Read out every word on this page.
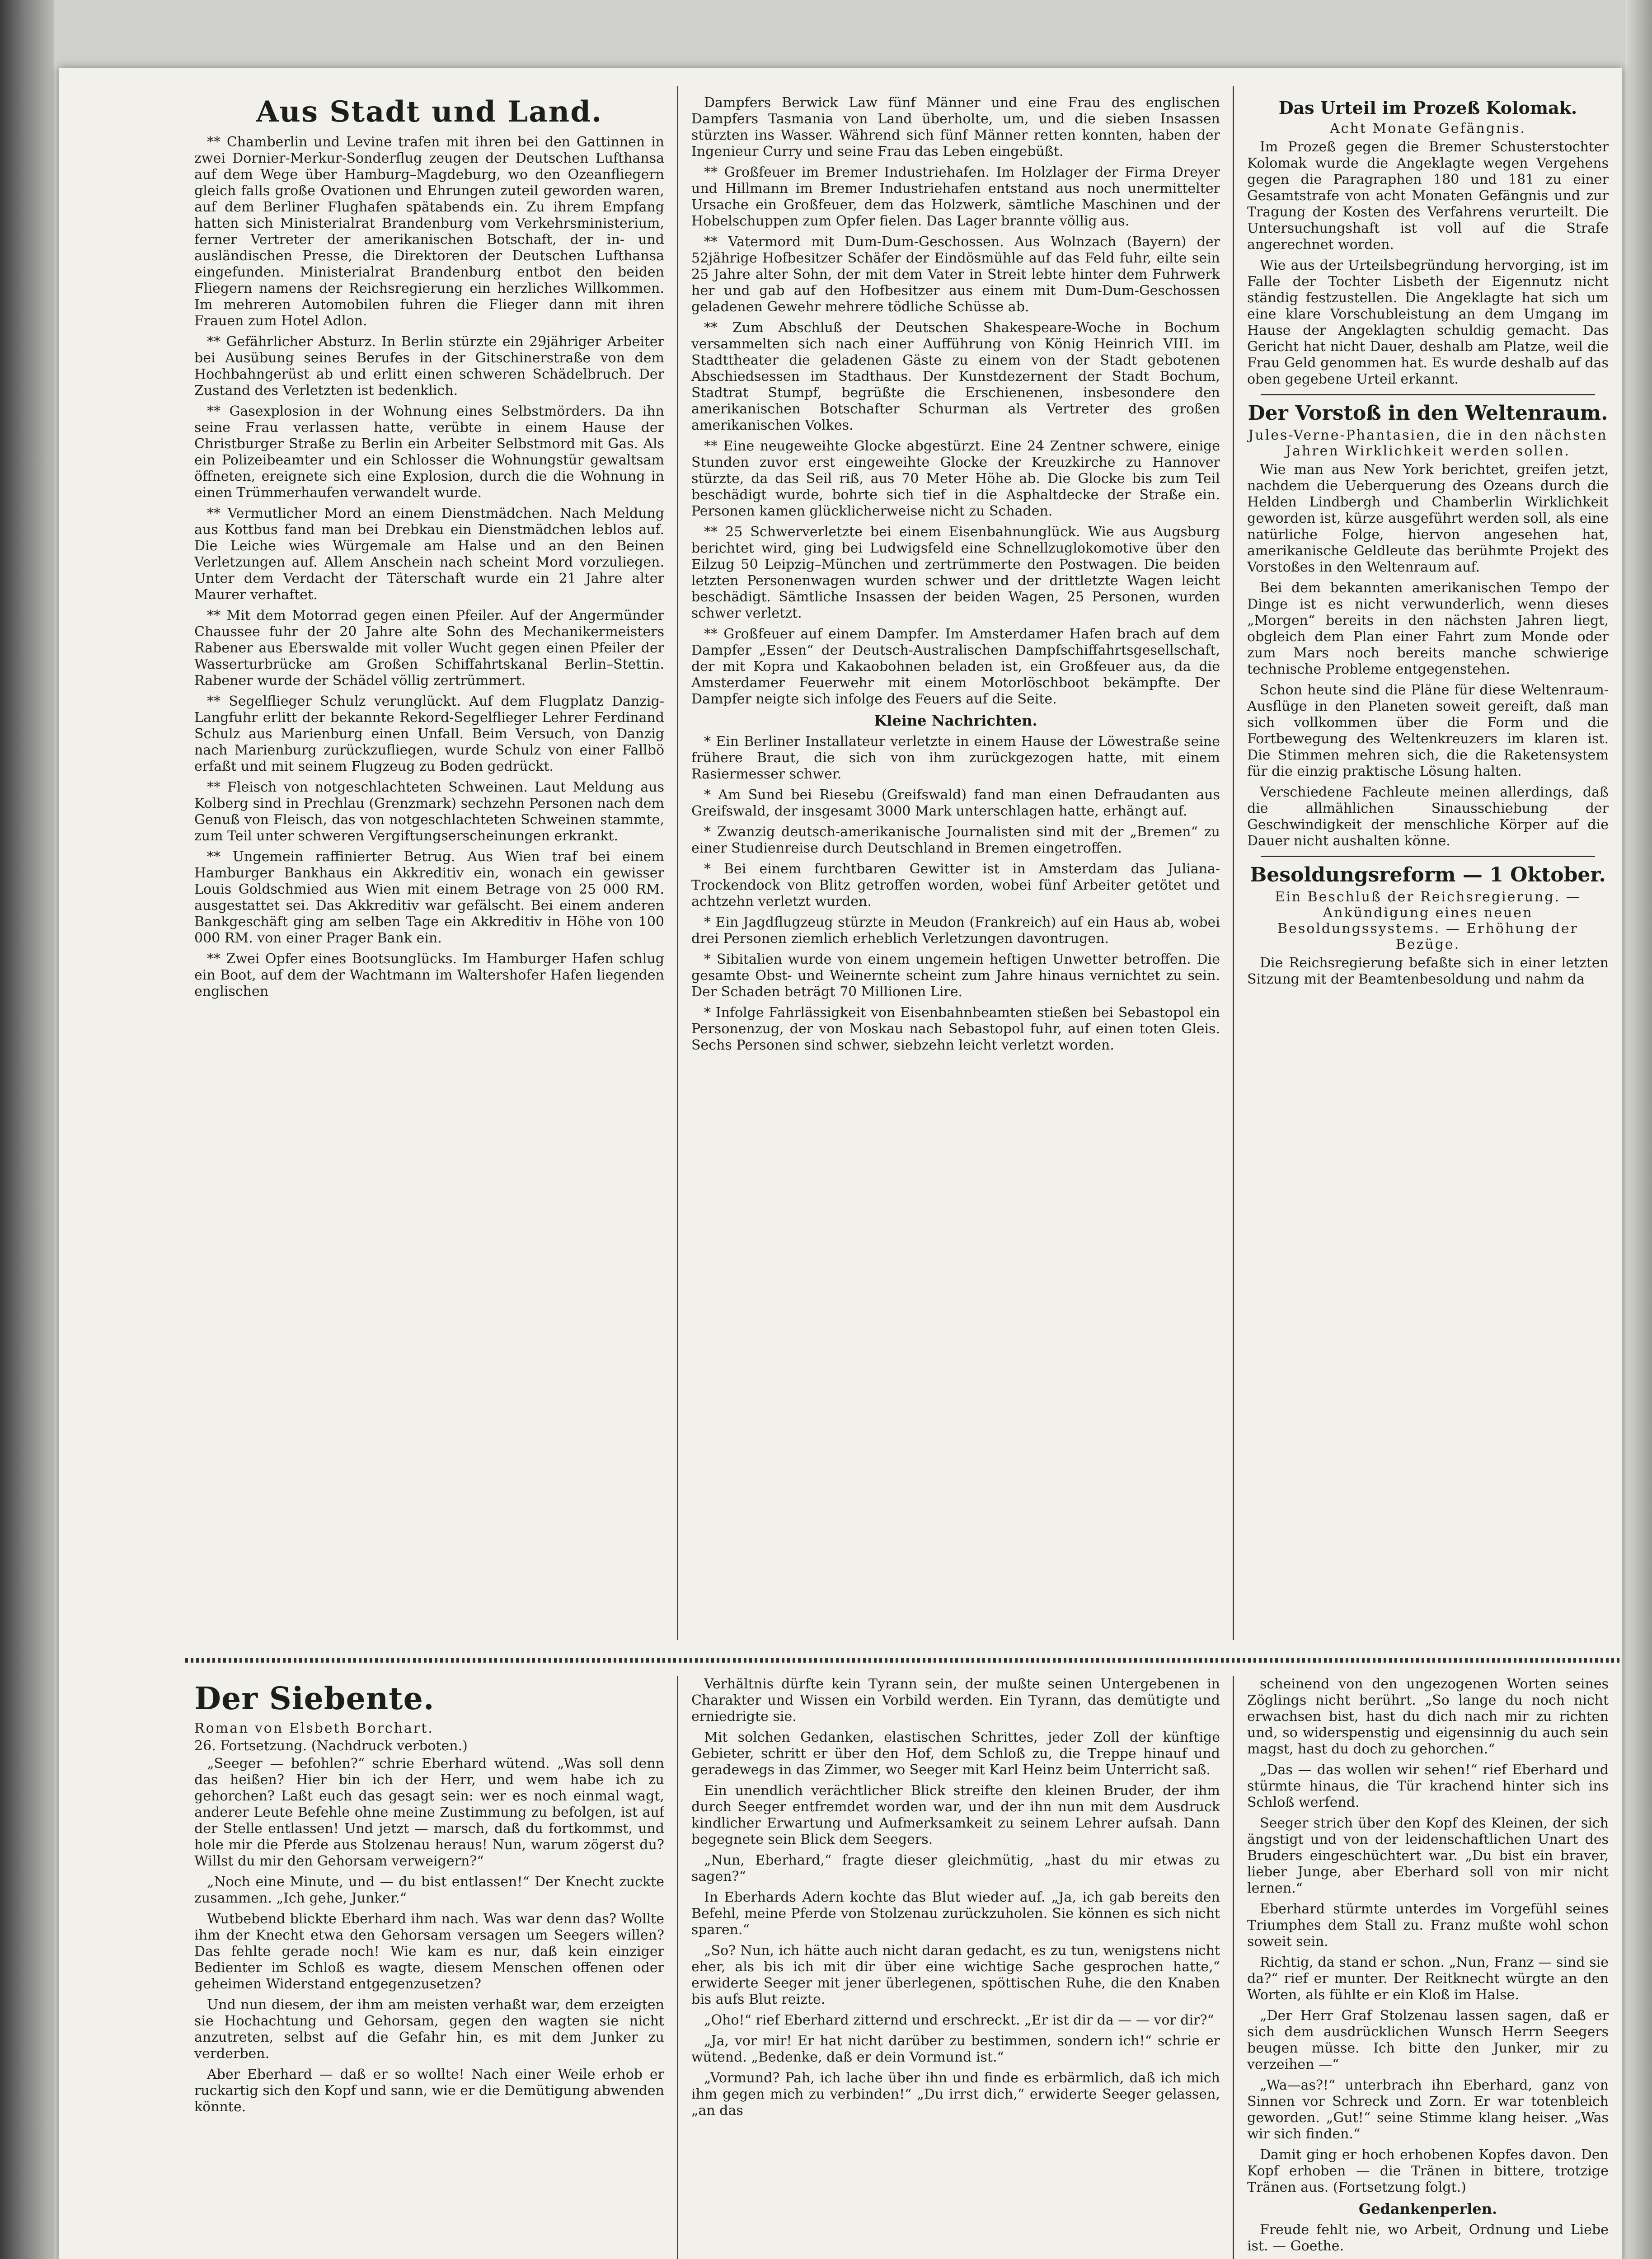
Aus Stadt und Land.

** Chamberlin und Levine trafen mit ihren bei den Gattinnen in zwei Dornier-Merkur-Sonderflug zeugen der Deutschen Lufthansa auf dem Wege über Hamburg–Magdeburg, wo den Ozeanfliegern gleich falls große Ovationen und Ehrungen zuteil geworden waren, auf dem Berliner Flughafen spätabends ein. Zu ihrem Empfang hatten sich Ministerialrat Brandenburg vom Verkehrsministerium, ferner Vertreter der amerikanischen Botschaft, der in- und ausländischen Presse, die Direktoren der Deutschen Lufthansa eingefunden. Ministerialrat Brandenburg entbot den beiden Fliegern namens der Reichsregierung ein herzliches Willkommen. Im mehreren Automobilen fuhren die Flieger dann mit ihren Frauen zum Hotel Adlon.

** Gefährlicher Absturz. In Berlin stürzte ein 29jähriger Arbeiter bei Ausübung seines Berufes in der Gitschinerstraße von dem Hochbahngerüst ab und erlitt einen schweren Schädelbruch. Der Zustand des Verletzten ist bedenklich.

** Gasexplosion in der Wohnung eines Selbstmörders. Da ihn seine Frau verlassen hatte, verübte in einem Hause der Christburger Straße zu Berlin ein Arbeiter Selbstmord mit Gas. Als ein Polizeibeamter und ein Schlosser die Wohnungstür gewaltsam öffneten, ereignete sich eine Explosion, durch die die Wohnung in einen Trümmerhaufen verwandelt wurde.

** Vermutlicher Mord an einem Dienstmädchen. Nach Meldung aus Kottbus fand man bei Drebkau ein Dienstmädchen leblos auf. Die Leiche wies Würgemale am Halse und an den Beinen Verletzungen auf. Allem Anschein nach scheint Mord vorzuliegen. Unter dem Verdacht der Täterschaft wurde ein 21 Jahre alter Maurer verhaftet.

** Mit dem Motorrad gegen einen Pfeiler. Auf der Angermünder Chaussee fuhr der 20 Jahre alte Sohn des Mechanikermeisters Rabener aus Eberswalde mit voller Wucht gegen einen Pfeiler der Wasserturbrücke am Großen Schiffahrtskanal Berlin–Stettin. Rabener wurde der Schädel völlig zertrümmert.

** Segelflieger Schulz verunglückt. Auf dem Flugplatz Danzig-Langfuhr erlitt der bekannte Rekord-Segelflieger Lehrer Ferdinand Schulz aus Marienburg einen Unfall. Beim Versuch, von Danzig nach Marienburg zurückzufliegen, wurde Schulz von einer Fallbö erfaßt und mit seinem Flugzeug zu Boden gedrückt.

** Fleisch von notgeschlachteten Schweinen. Laut Meldung aus Kolberg sind in Prechlau (Grenzmark) sechzehn Personen nach dem Genuß von Fleisch, das von notgeschlachteten Schweinen stammte, zum Teil unter schweren Vergiftungserscheinungen erkrankt.

** Ungemein raffinierter Betrug. Aus Wien traf bei einem Hamburger Bankhaus ein Akkreditiv ein, wonach ein gewisser Louis Goldschmied aus Wien mit einem Betrage von 25 000 RM. ausgestattet sei. Das Akkreditiv war gefälscht. Bei einem anderen Bankgeschäft ging am selben Tage ein Akkreditiv in Höhe von 100 000 RM. von einer Prager Bank ein.

** Zwei Opfer eines Bootsunglücks. Im Hamburger Hafen schlug ein Boot, auf dem der Wachtmann im Waltershofer Hafen liegenden englischen

Dampfers Berwick Law fünf Männer und eine Frau des englischen Dampfers Tasmania von Land überholte, um, und die sieben Insassen stürzten ins Wasser. Während sich fünf Männer retten konnten, haben der Ingenieur Curry und seine Frau das Leben eingebüßt.

** Großfeuer im Bremer Industriehafen. Im Holzlager der Firma Dreyer und Hillmann im Bremer Industriehafen entstand aus noch unermittelter Ursache ein Großfeuer, dem das Holzwerk, sämtliche Maschinen und der Hobelschuppen zum Opfer fielen. Das Lager brannte völlig aus.

** Vatermord mit Dum-Dum-Geschossen. Aus Wolnzach (Bayern) der 52jährige Hofbesitzer Schäfer der Eindösmühle auf das Feld fuhr, eilte sein 25 Jahre alter Sohn, der mit dem Vater in Streit lebte hinter dem Fuhrwerk her und gab auf den Hofbesitzer aus einem mit Dum-Dum-Geschossen geladenen Gewehr mehrere tödliche Schüsse ab.

** Zum Abschluß der Deutschen Shakespeare-Woche in Bochum versammelten sich nach einer Aufführung von König Heinrich VIII. im Stadttheater die geladenen Gäste zu einem von der Stadt gebotenen Abschiedsessen im Stadthaus. Der Kunstdezernent der Stadt Bochum, Stadtrat Stumpf, begrüßte die Erschienenen, insbesondere den amerikanischen Botschafter Schurman als Vertreter des großen amerikanischen Volkes.

** Eine neugeweihte Glocke abgestürzt. Eine 24 Zentner schwere, einige Stunden zuvor erst eingeweihte Glocke der Kreuzkirche zu Hannover stürzte, da das Seil riß, aus 70 Meter Höhe ab. Die Glocke bis zum Teil beschädigt wurde, bohrte sich tief in die Asphaltdecke der Straße ein. Personen kamen glücklicherweise nicht zu Schaden.

** 25 Schwerverletzte bei einem Eisenbahnunglück. Wie aus Augsburg berichtet wird, ging bei Ludwigsfeld eine Schnellzuglokomotive über den Eilzug 50 Leipzig–München und zertrümmerte den Postwagen. Die beiden letzten Personenwagen wurden schwer und der drittletzte Wagen leicht beschädigt. Sämtliche Insassen der beiden Wagen, 25 Personen, wurden schwer verletzt.

** Großfeuer auf einem Dampfer. Im Amsterdamer Hafen brach auf dem Dampfer „Essen“ der Deutsch-Australischen Dampfschiffahrtsgesellschaft, der mit Kopra und Kakaobohnen beladen ist, ein Großfeuer aus, da die Amsterdamer Feuerwehr mit einem Motorlöschboot bekämpfte. Der Dampfer neigte sich infolge des Feuers auf die Seite.

Kleine Nachrichten.

* Ein Berliner Installateur verletzte in einem Hause der Löwestraße seine frühere Braut, die sich von ihm zurückgezogen hatte, mit einem Rasiermesser schwer.

* Am Sund bei Riesebu (Greifswald) fand man einen Defraudanten aus Greifswald, der insgesamt 3000 Mark unterschlagen hatte, erhängt auf.

* Zwanzig deutsch-amerikanische Journalisten sind mit der „Bremen“ zu einer Studienreise durch Deutschland in Bremen eingetroffen.

* Bei einem furchtbaren Gewitter ist in Amsterdam das Juliana-Trockendock von Blitz getroffen worden, wobei fünf Arbeiter getötet und achtzehn verletzt wurden.

* Ein Jagdflugzeug stürzte in Meudon (Frankreich) auf ein Haus ab, wobei drei Personen ziemlich erheblich Verletzungen davontrugen.

* Sibitalien wurde von einem ungemein heftigen Unwetter betroffen. Die gesamte Obst- und Weinernte scheint zum Jahre hinaus vernichtet zu sein. Der Schaden beträgt 70 Millionen Lire.

* Infolge Fahrlässigkeit von Eisenbahnbeamten stießen bei Sebastopol ein Personenzug, der von Moskau nach Sebastopol fuhr, auf einen toten Gleis. Sechs Personen sind schwer, siebzehn leicht verletzt worden.

Das Urteil im Prozeß Kolomak.
Acht Monate Gefängnis.

Im Prozeß gegen die Bremer Schusterstochter Kolomak wurde die Angeklagte wegen Vergehens gegen die Paragraphen 180 und 181 zu einer Gesamtstrafe von acht Monaten Gefängnis und zur Tragung der Kosten des Verfahrens verurteilt. Die Untersuchungshaft ist voll auf die Strafe angerechnet worden.

Wie aus der Urteilsbegründung hervorging, ist im Falle der Tochter Lisbeth der Eigennutz nicht ständig festzustellen. Die Angeklagte hat sich um eine klare Vorschubleistung an dem Umgang im Hause der Angeklagten schuldig gemacht. Das Gericht hat nicht Dauer, deshalb am Platze, weil die Frau Geld genommen hat. Es wurde deshalb auf das oben gegebene Urteil erkannt.

Der Vorstoß in den Weltenraum.
Jules-Verne-Phantasien, die in den nächsten Jahren Wirklichkeit werden sollen.

Wie man aus New York berichtet, greifen jetzt, nachdem die Ueberquerung des Ozeans durch die Helden Lindbergh und Chamberlin Wirklichkeit geworden ist, kürze ausgeführt werden soll, als eine natürliche Folge, hiervon angesehen hat, amerikanische Geldleute das berühmte Projekt des Vorstoßes in den Weltenraum auf.

Bei dem bekannten amerikanischen Tempo der Dinge ist es nicht verwunderlich, wenn dieses „Morgen“ bereits in den nächsten Jahren liegt, obgleich dem Plan einer Fahrt zum Monde oder zum Mars noch bereits manche schwierige technische Probleme entgegenstehen.

Schon heute sind die Pläne für diese Weltenraum-Ausflüge in den Planeten soweit gereift, daß man sich vollkommen über die Form und die Fortbewegung des Weltenkreuzers im klaren ist. Die Stimmen mehren sich, die die Raketensystem für die einzig praktische Lösung halten.

Verschiedene Fachleute meinen allerdings, daß die allmählichen Sinausschiebung der Geschwindigkeit der menschliche Körper auf die Dauer nicht aushalten könne.

Besoldungsreform — 1 Oktober.
Ein Beschluß der Reichsregierung. — Ankündigung eines neuen Besoldungssystems. — Erhöhung der Bezüge.

Die Reichsregierung befaßte sich in einer letzten Sitzung mit der Beamtenbesoldung und nahm da

Der Siebente.
Roman von Elsbeth Borchart.
26. Fortsetzung. (Nachdruck verboten.)

„Seeger — befohlen?“ schrie Eberhard wütend. „Was soll denn das heißen? Hier bin ich der Herr, und wem habe ich zu gehorchen? Laßt euch das gesagt sein: wer es noch einmal wagt, anderer Leute Befehle ohne meine Zustimmung zu befolgen, ist auf der Stelle entlassen! Und jetzt — marsch, daß du fortkommst, und hole mir die Pferde aus Stolzenau heraus! Nun, warum zögerst du? Willst du mir den Gehorsam verweigern?“

„Noch eine Minute, und — du bist entlassen!“ Der Knecht zuckte zusammen. „Ich gehe, Junker.“

Wutbebend blickte Eberhard ihm nach. Was war denn das? Wollte ihm der Knecht etwa den Gehorsam versagen um Seegers willen? Das fehlte gerade noch! Wie kam es nur, daß kein einziger Bedienter im Schloß es wagte, diesem Menschen offenen oder geheimen Widerstand entgegenzusetzen?

Und nun diesem, der ihm am meisten verhaßt war, dem erzeigten sie Hochachtung und Gehorsam, gegen den wagten sie nicht anzutreten, selbst auf die Gefahr hin, es mit dem Junker zu verderben.

Aber Eberhard — daß er so wollte! Nach einer Weile erhob er ruckartig sich den Kopf und sann, wie er die Demütigung abwenden könnte.

Verhältnis dürfte kein Tyrann sein, der mußte seinen Untergebenen in Charakter und Wissen ein Vorbild werden. Ein Tyrann, das demütigte und erniedrigte sie.

Mit solchen Gedanken, elastischen Schrittes, jeder Zoll der künftige Gebieter, schritt er über den Hof, dem Schloß zu, die Treppe hinauf und geradewegs in das Zimmer, wo Seeger mit Karl Heinz beim Unterricht saß.

Ein unendlich verächtlicher Blick streifte den kleinen Bruder, der ihm durch Seeger entfremdet worden war, und der ihn nun mit dem Ausdruck kindlicher Erwartung und Aufmerksamkeit zu seinem Lehrer aufsah. Dann begegnete sein Blick dem Seegers.

„Nun, Eberhard,“ fragte dieser gleichmütig, „hast du mir etwas zu sagen?“

In Eberhards Adern kochte das Blut wieder auf. „Ja, ich gab bereits den Befehl, meine Pferde von Stolzenau zurückzuholen. Sie können es sich nicht sparen.“

„So? Nun, ich hätte auch nicht daran gedacht, es zu tun, wenigstens nicht eher, als bis ich mit dir über eine wichtige Sache gesprochen hatte,“ erwiderte Seeger mit jener überlegenen, spöttischen Ruhe, die den Knaben bis aufs Blut reizte.

„Oho!“ rief Eberhard zitternd und erschreckt. „Er ist dir da — — vor dir?“

„Ja, vor mir! Er hat nicht darüber zu bestimmen, sondern ich!“ schrie er wütend. „Bedenke, daß er dein Vormund ist.“

„Vormund? Pah, ich lache über ihn und finde es erbärmlich, daß ich mich ihm gegen mich zu verbinden!“ „Du irrst dich,“ erwiderte Seeger gelassen, „an das

scheinend von den ungezogenen Worten seines Zöglings nicht berührt. „So lange du noch nicht erwachsen bist, hast du dich nach mir zu richten und, so widerspenstig und eigensinnig du auch sein magst, hast du doch zu gehorchen.“

„Das — das wollen wir sehen!“ rief Eberhard und stürmte hinaus, die Tür krachend hinter sich ins Schloß werfend.

Seeger strich über den Kopf des Kleinen, der sich ängstigt und von der leidenschaftlichen Unart des Bruders eingeschüchtert war. „Du bist ein braver, lieber Junge, aber Eberhard soll von mir nicht lernen.“

Eberhard stürmte unterdes im Vorgefühl seines Triumphes dem Stall zu. Franz mußte wohl schon soweit sein.

Richtig, da stand er schon. „Nun, Franz — sind sie da?“ rief er munter. Der Reitknecht würgte an den Worten, als fühlte er ein Kloß im Halse.

„Der Herr Graf Stolzenau lassen sagen, daß er sich dem ausdrücklichen Wunsch Herrn Seegers beugen müsse. Ich bitte den Junker, mir zu verzeihen —“

„Wa—as?!“ unterbrach ihn Eberhard, ganz von Sinnen vor Schreck und Zorn. Er war totenbleich geworden. „Gut!“ seine Stimme klang heiser. „Was wir sich finden.“

Damit ging er hoch erhobenen Kopfes davon. Den Kopf erhoben — die Tränen in bittere, trotzige Tränen aus. (Fortsetzung folgt.)

Gedankenperlen.

Freude fehlt nie, wo Arbeit, Ordnung und Liebe ist. — Goethe.
